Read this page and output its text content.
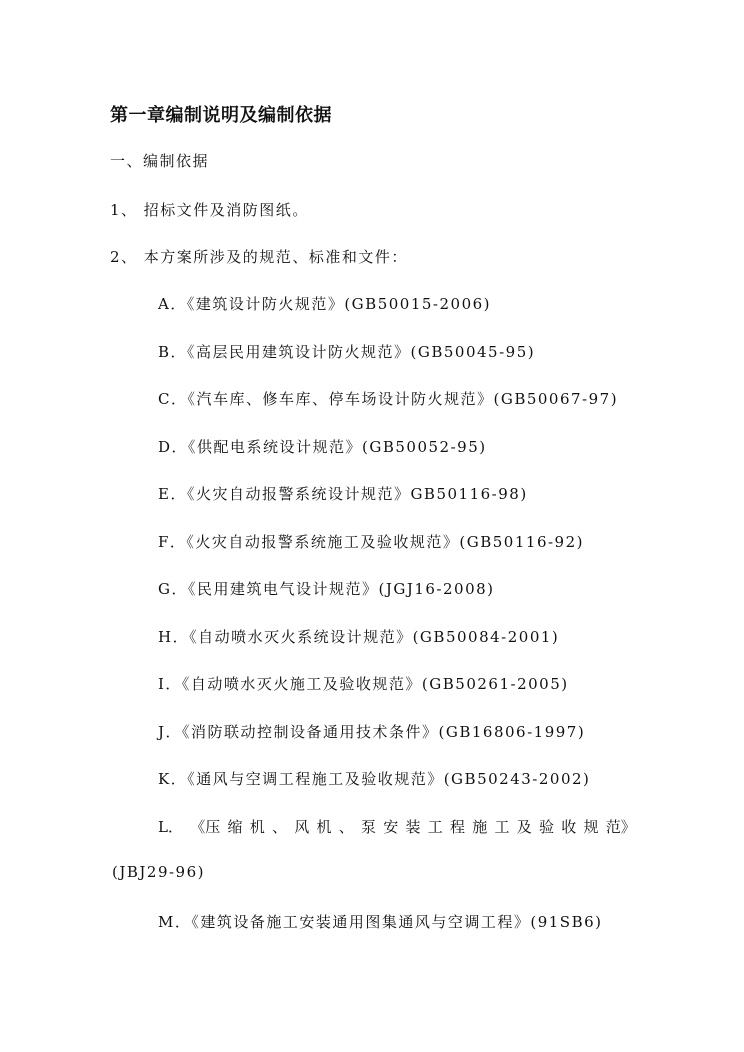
第一章编制说明及编制依据
一、编制依据
1、 招标文件及消防图纸。
2、 本方案所涉及的规范、标准和文件：
A．《建筑设计防火规范》(GB50015-2006)
B．《高层民用建筑设计防火规范》(GB50045-95)
C．《汽车库、修车库、停车场设计防火规范》(GB50067-97)
D．《供配电系统设计规范》(GB50052-95)
E．《火灾自动报警系统设计规范》GB50116-98)
F．《火灾自动报警系统施工及验收规范》(GB50116-92)
G．《民用建筑电气设计规范》(JGJ16-2008)
H．《自动喷水灭火系统设计规范》(GB50084-2001)
I．《自动喷水灭火施工及验收规范》(GB50261-2005)
J．《消防联动控制设备通用技术条件》(GB16806-1997)
K．《通风与空调工程施工及验收规范》(GB50243-2002)
L． 《压 缩 机 、 风 机 、 泵 安 装 工 程 施 工 及 验 收 规 范》
(JBJ29-96)
M．《建筑设备施工安装通用图集通风与空调工程》(91SB6)
